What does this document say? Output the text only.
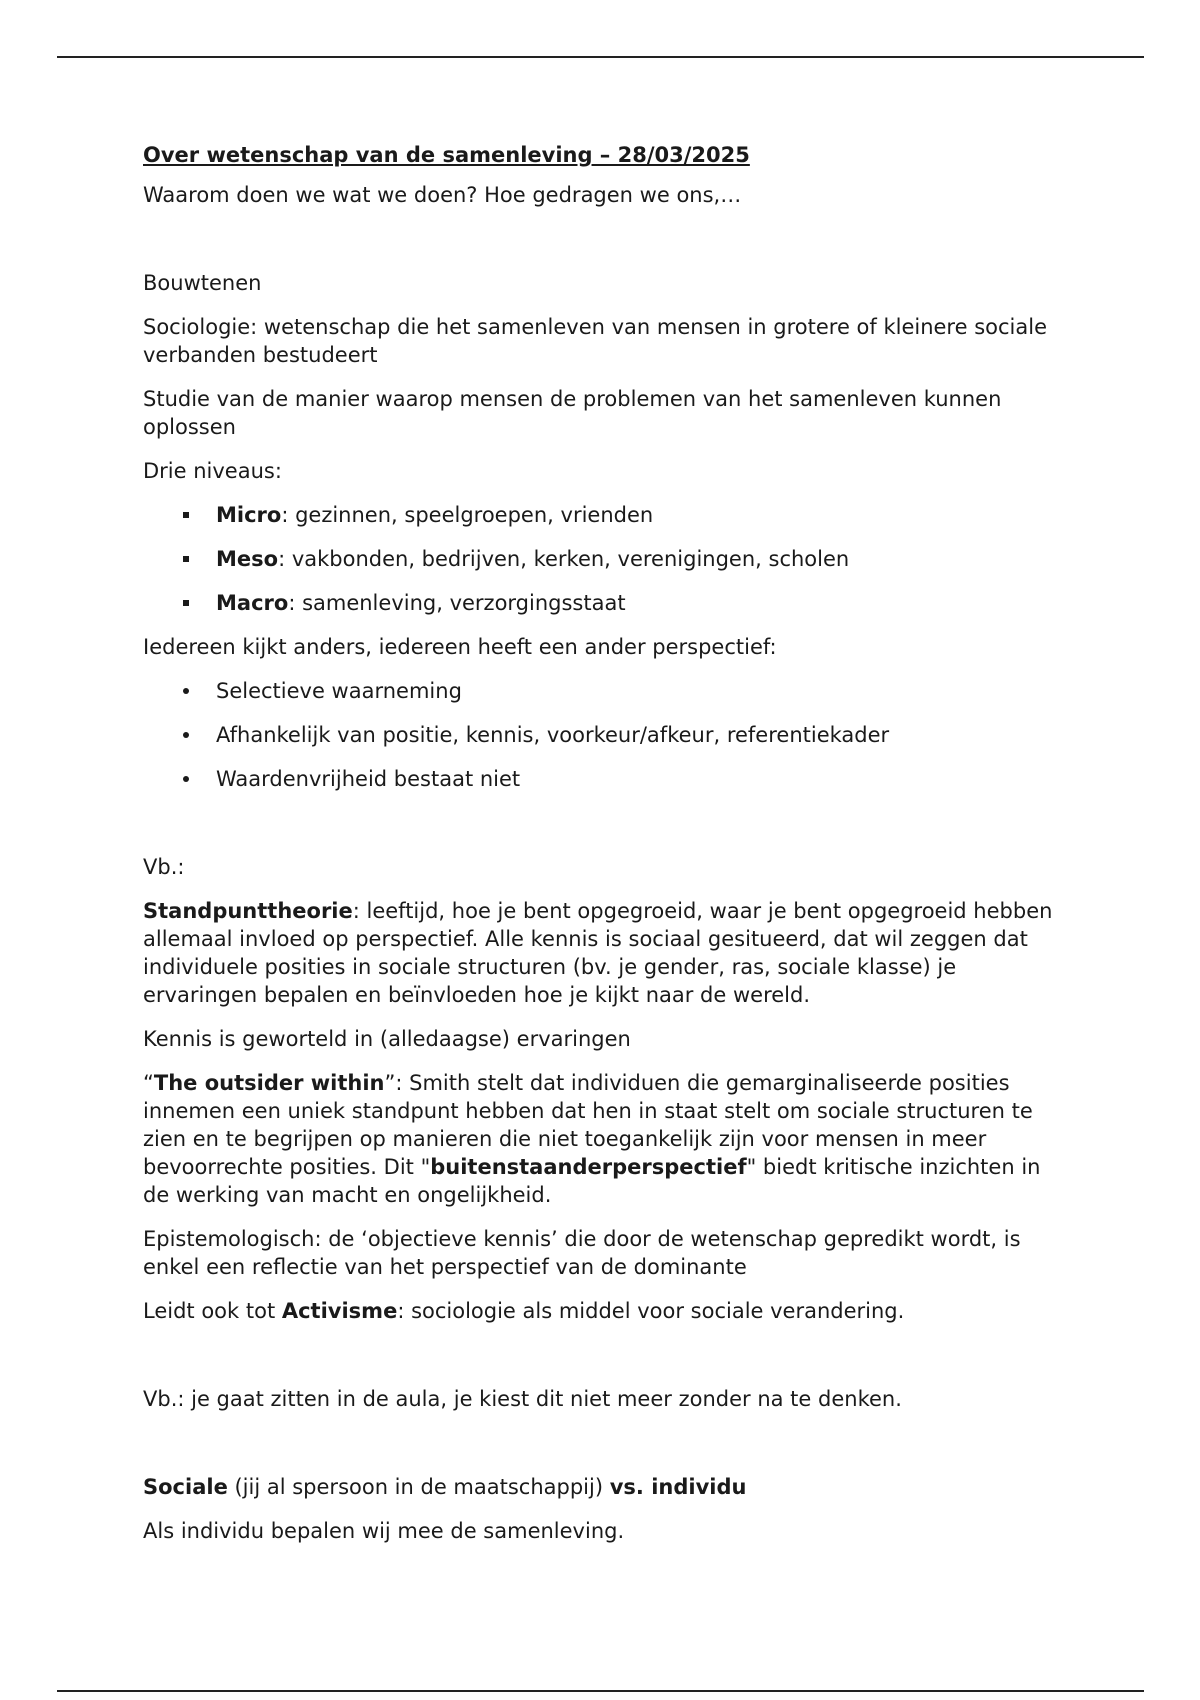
Over wetenschap van de samenleving – 28/03/2025

Waarom doen we wat we doen? Hoe gedragen we ons,…

Bouwtenen

Sociologie: wetenschap die het samenleven van mensen in grotere of kleinere sociale verbanden bestudeert

Studie van de manier waarop mensen de problemen van het samenleven kunnen oplossen

Drie niveaus:

Micro: gezinnen, speelgroepen, vrienden
Meso: vakbonden, bedrijven, kerken, verenigingen, scholen
Macro: samenleving, verzorgingsstaat

Iedereen kijkt anders, iedereen heeft een ander perspectief:

Selectieve waarneming
Afhankelijk van positie, kennis, voorkeur/afkeur, referentiekader
Waardenvrijheid bestaat niet

Vb.:

Standpunttheorie: leeftijd, hoe je bent opgegroeid, waar je bent opgegroeid hebben allemaal invloed op perspectief. Alle kennis is sociaal gesitueerd, dat wil zeggen dat individuele posities in sociale structuren (bv. je gender, ras, sociale klasse) je ervaringen bepalen en beïnvloeden hoe je kijkt naar de wereld.

Kennis is geworteld in (alledaagse) ervaringen

“The outsider within”: Smith stelt dat individuen die gemarginaliseerde posities innemen een uniek standpunt hebben dat hen in staat stelt om sociale structuren te zien en te begrijpen op manieren die niet toegankelijk zijn voor mensen in meer bevoorrechte posities. Dit "buitenstaanderperspectief" biedt kritische inzichten in de werking van macht en ongelijkheid.

Epistemologisch: de ‘objectieve kennis’ die door de wetenschap gepredikt wordt, is enkel een reflectie van het perspectief van de dominante

Leidt ook tot Activisme: sociologie als middel voor sociale verandering.

Vb.: je gaat zitten in de aula, je kiest dit niet meer zonder na te denken.

Sociale (jij al spersoon in de maatschappij) vs. individu

Als individu bepalen wij mee de samenleving.
